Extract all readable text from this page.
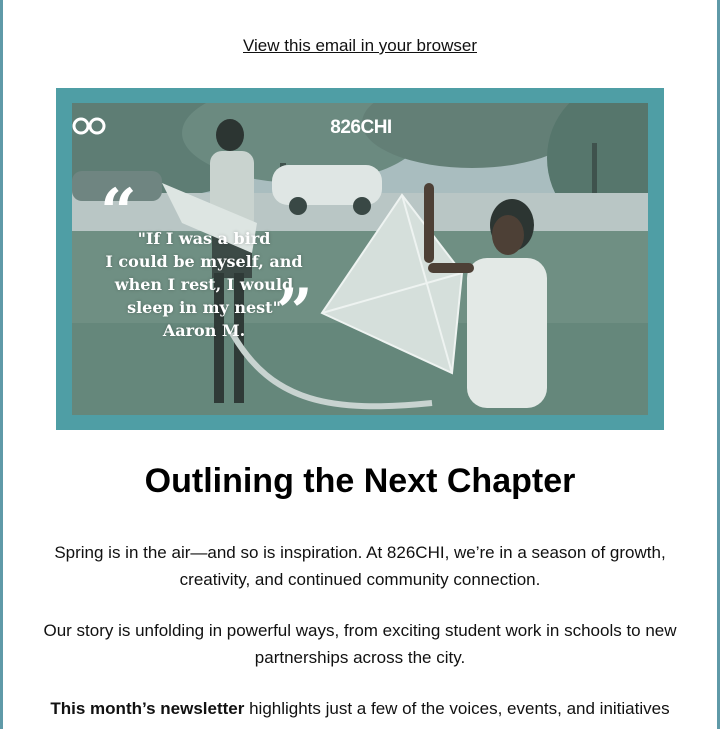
View this email in your browser
826CHI
“ "If I was a bird
I could be myself, and
when I rest, I would
sleep in my nest"
Aaron M. ”
Outlining the Next Chapter

Spring is in the air—and so is inspiration. At 826CHI, we’re in a season of growth, creativity, and continued community connection.

Our story is unfolding in powerful ways, from exciting student work in schools to new partnerships across the city.

This month’s newsletter highlights just a few of the voices, events, and initiatives
